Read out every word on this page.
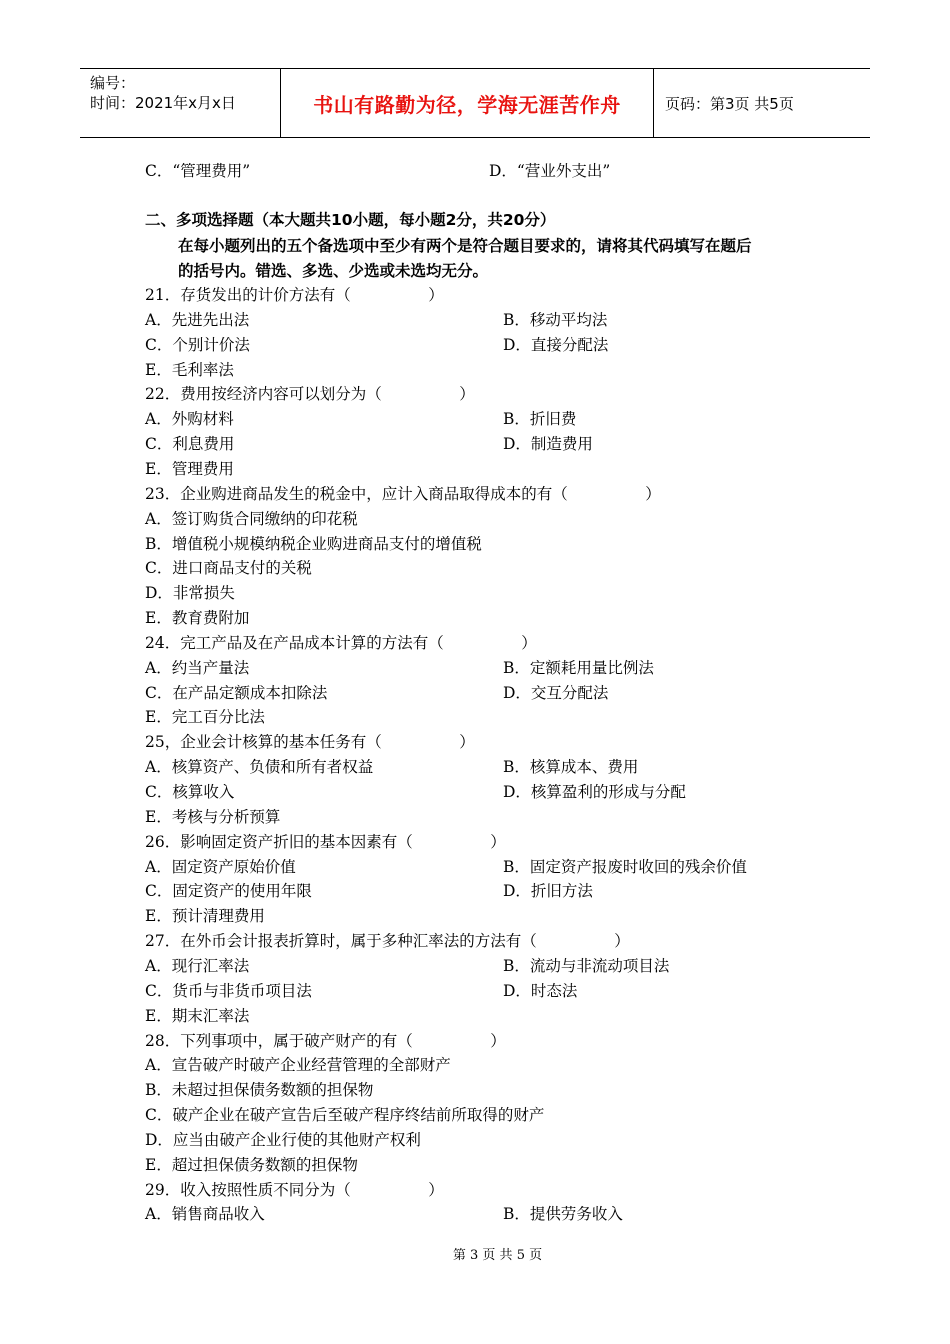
编号：
时间：2021年x月x日	书山有路勤为径，学海无涯苦作舟	页码：第3页 共5页
C．“管理费用”	D．“营业外支出”
二、多项选择题（本大题共10小题，每小题2分，共20分）
在每小题列出的五个备选项中至少有两个是符合题目要求的，请将其代码填写在题后
的括号内。错选、多选、少选或未选均无分。
21．存货发出的计价方法有（　　　　　）
A．先进先出法	B．移动平均法
C．个别计价法	D．直接分配法
E．毛利率法
22．费用按经济内容可以划分为（　　　　　）
A．外购材料	B．折旧费
C．利息费用	D．制造费用
E．管理费用
23．企业购进商品发生的税金中，应计入商品取得成本的有（　　　　　）
A．签订购货合同缴纳的印花税
B．增值税小规模纳税企业购进商品支付的增值税
C．进口商品支付的关税
D．非常损失
E．教育费附加
24．完工产品及在产品成本计算的方法有（　　　　　）
A．约当产量法	B．定额耗用量比例法
C．在产品定额成本扣除法	D．交互分配法
E．完工百分比法
25，企业会计核算的基本任务有（　　　　　）
A．核算资产、负债和所有者权益	B．核算成本、费用
C．核算收入	D．核算盈利的形成与分配
E．考核与分析预算
26．影响固定资产折旧的基本因素有（　　　　　）
A．固定资产原始价值	B．固定资产报废时收回的残余价值
C．固定资产的使用年限	D．折旧方法
E．预计清理费用
27．在外币会计报表折算时，属于多种汇率法的方法有（　　　　　）
A．现行汇率法	B．流动与非流动项目法
C．货币与非货币项目法	D．时态法
E．期末汇率法
28．下列事项中，属于破产财产的有（　　　　　）
A．宣告破产时破产企业经营管理的全部财产
B．未超过担保债务数额的担保物
C．破产企业在破产宣告后至破产程序终结前所取得的财产
D．应当由破产企业行使的其他财产权利
E．超过担保债务数额的担保物
29．收入按照性质不同分为（　　　　　）
A．销售商品收入	B．提供劳务收入
第 3 页 共 5 页
